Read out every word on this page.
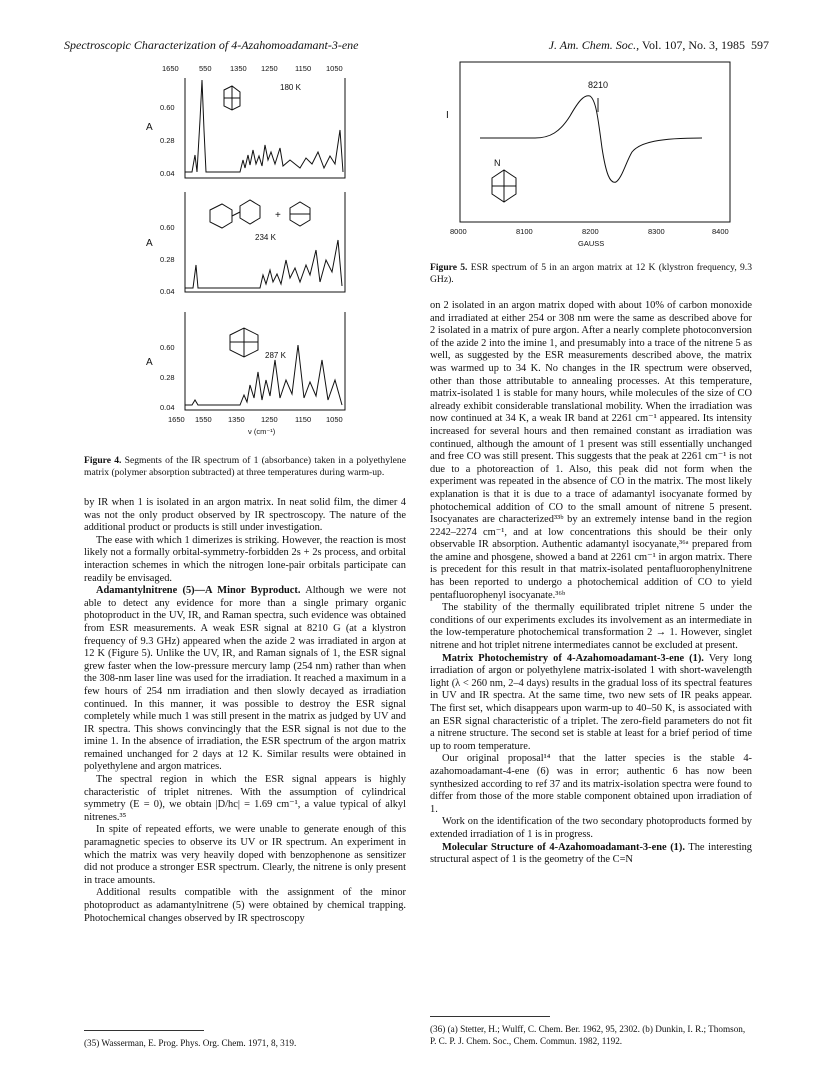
Spectroscopic Characterization of 4-Azahomoadamant-3-ene	J. Am. Chem. Soc., Vol. 107, No. 3, 1985 597
1650	550 1350 1250 1150 1050
A
0.60
0.28
0.04
A
0.60
0.28
0.04
A
0.60
0.28
0.04
180 K
+
234 K
287 K
1650 1550 1350 1250 1150 1050
ν (cm⁻¹)
Figure 4. Segments of the IR spectrum of 1 (absorbance) taken in a polyethylene matrix (polymer absorption subtracted) at three temperatures during warm-up.
I
8210
N
8000	8100	8200	8300	8400
GAUSS
Figure 5. ESR spectrum of 5 in an argon matrix at 12 K (klystron frequency, 9.3 GHz).

by IR when 1 is isolated in an argon matrix. In neat solid film, the dimer 4 was not the only product observed by IR spectroscopy. The nature of the additional product or products is still under investigation.

The ease with which 1 dimerizes is striking. However, the reaction is most likely not a formally orbital-symmetry-forbidden 2s + 2s process, and orbital interaction schemes in which the nitrogen lone-pair orbitals participate can readily be envisaged.

Adamantylnitrene (5)—A Minor Byproduct. Although we were not able to detect any evidence for more than a single primary organic photoproduct in the UV, IR, and Raman spectra, such evidence was obtained from ESR measurements. A weak ESR signal at 8210 G (at a klystron frequency of 9.3 GHz) appeared when the azide 2 was irradiated in argon at 12 K (Figure 5). Unlike the UV, IR, and Raman signals of 1, the ESR signal grew faster when the low-pressure mercury lamp (254 nm) rather than when the 308-nm laser line was used for the irradiation. It reached a maximum in a few hours of 254 nm irradiation and then slowly decayed as irradiation continued. In this manner, it was possible to destroy the ESR signal completely while much 1 was still present in the matrix as judged by UV and IR spectra. This shows convincingly that the ESR signal is not due to the imine 1. In the absence of irradiation, the ESR spectrum of the argon matrix remained unchanged for 2 days at 12 K. Similar results were obtained in polyethylene and argon matrices.

The spectral region in which the ESR signal appears is highly characteristic of triplet nitrenes. With the assumption of cylindrical symmetry (E = 0), we obtain |D/hc| = 1.69 cm⁻¹, a value typical of alkyl nitrenes.³⁵

In spite of repeated efforts, we were unable to generate enough of this paramagnetic species to observe its UV or IR spectrum. An experiment in which the matrix was very heavily doped with benzophenone as sensitizer did not produce a stronger ESR spectrum. Clearly, the nitrene is only present in trace amounts.

Additional results compatible with the assignment of the minor photoproduct as adamantylnitrene (5) were obtained by chemical trapping. Photochemical changes observed by IR spectroscopy

on 2 isolated in an argon matrix doped with about 10% of carbon monoxide and irradiated at either 254 or 308 nm were the same as described above for 2 isolated in a matrix of pure argon. After a nearly complete photoconversion of the azide 2 into the imine 1, and presumably into a trace of the nitrene 5 as well, as suggested by the ESR measurements described above, the matrix was warmed up to 34 K. No changes in the IR spectrum were observed, other than those attributable to annealing processes. At this temperature, matrix-isolated 1 is stable for many hours, while molecules of the size of CO already exhibit considerable translational mobility. When the irradiation was now continued at 34 K, a weak IR band at 2261 cm⁻¹ appeared. Its intensity increased for several hours and then remained constant as irradiation was continued, although the amount of 1 present was still essentially unchanged and free CO was still present. This suggests that the peak at 2261 cm⁻¹ is not due to a photoreaction of 1. Also, this peak did not form when the experiment was repeated in the absence of CO in the matrix. The most likely explanation is that it is due to a trace of adamantyl isocyanate formed by photochemical addition of CO to the small amount of nitrene 5 present. Isocyanates are characterized³³ᵇ by an extremely intense band in the region 2242–2274 cm⁻¹, and at low concentrations this should be their only observable IR absorption. Authentic adamantyl isocyanate,³⁶ᵃ prepared from the amine and phosgene, showed a band at 2261 cm⁻¹ in argon matrix. There is precedent for this result in that matrix-isolated pentafluorophenylnitrene has been reported to undergo a photochemical addition of CO to yield pentafluorophenyl isocyanate.³⁶ᵇ

The stability of the thermally equilibrated triplet nitrene 5 under the conditions of our experiments excludes its involvement as an intermediate in the low-temperature photochemical transformation 2 → 1. However, singlet nitrene and hot triplet nitrene intermediates cannot be excluded at present.

Matrix Photochemistry of 4-Azahomoadamant-3-ene (1). Very long irradiation of argon or polyethylene matrix-isolated 1 with short-wavelength light (λ < 260 nm, 2–4 days) results in the gradual loss of its spectral features in UV and IR spectra. At the same time, two new sets of IR peaks appear. The first set, which disappears upon warm-up to 40–50 K, is associated with an ESR signal characteristic of a triplet. The zero-field parameters do not fit a nitrene structure. The second set is stable at least for a brief period of time up to room temperature.

Our original proposal¹⁴ that the latter species is the stable 4-azahomoadamant-4-ene (6) was in error; authentic 6 has now been synthesized according to ref 37 and its matrix-isolation spectra were found to differ from those of the more stable component obtained upon irradiation of 1.

Work on the identification of the two secondary photoproducts formed by extended irradiation of 1 is in progress.

Molecular Structure of 4-Azahomoadamant-3-ene (1). The interesting structural aspect of 1 is the geometry of the C=N

(35) Wasserman, E. Prog. Phys. Org. Chem. 1971, 8, 319.
(36) (a) Stetter, H.; Wulff, C. Chem. Ber. 1962, 95, 2302. (b) Dunkin, I. R.; Thomson, P. C. P. J. Chem. Soc., Chem. Commun. 1982, 1192.
